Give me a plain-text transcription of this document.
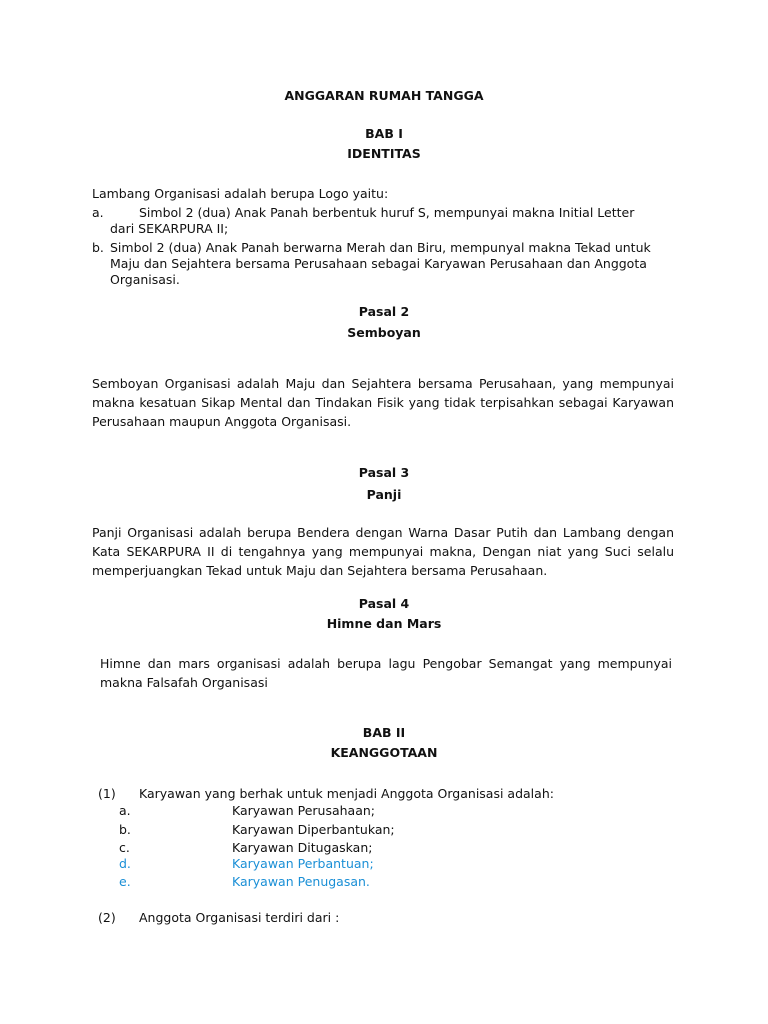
ANGGARAN RUMAH TANGGA
BAB I
IDENTITAS
Lambang Organisasi adalah berupa Logo yaitu:
a.	Simbol 2 (dua) Anak Panah berbentuk huruf S, mempunyai makna Initial Letter
dari SEKARPURA II;
b. Simbol 2 (dua) Anak Panah berwarna Merah dan Biru, mempunyal makna Tekad untuk
Maju dan Sejahtera bersama Perusahaan sebagai Karyawan Perusahaan dan Anggota
Organisasi.
Pasal 2
Semboyan
Semboyan Organisasi adalah Maju dan Sejahtera bersama Perusahaan, yang mempunyai makna kesatuan Sikap Mental dan Tindakan Fisik yang tidak terpisahkan sebagai Karyawan Perusahaan maupun Anggota Organisasi.
Pasal 3
Panji
Panji Organisasi adalah berupa Bendera dengan Warna Dasar Putih dan Lambang dengan Kata SEKARPURA II di tengahnya yang mempunyai makna, Dengan niat yang Suci selalu memperjuangkan Tekad untuk Maju dan Sejahtera bersama Perusahaan.
Pasal 4
Himne dan Mars
Himne dan mars organisasi adalah berupa lagu Pengobar Semangat yang mempunyai makna Falsafah Organisasi
BAB II
KEANGGOTAAN
(1) Karyawan yang berhak untuk menjadi Anggota Organisasi adalah:
a.	Karyawan Perusahaan;
b.	Karyawan Diperbantukan;
c.	Karyawan Ditugaskan;
d.	Karyawan Perbantuan;
e.	Karyawan Penugasan.
(2) Anggota Organisasi terdiri dari :
